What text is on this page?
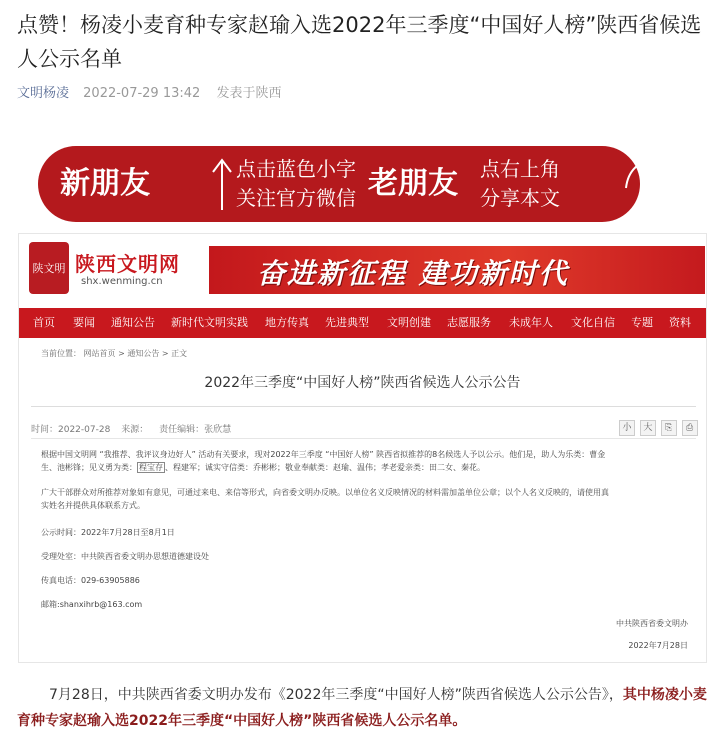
点赞！杨凌小麦育种专家赵瑜入选2022年三季度“中国好人榜”陕西省候选人公示名单
文明杨凌 2022-07-29 13:42 发表于陕西
新朋友	点击蓝色小字
关注官方微信 老朋友 点右上角
分享本文
陕文明 陕西文明网
shx.wenming.cn	奋进新征程 建功新时代
首页 要闻 通知公告 新时代文明实践 地方传真 先进典型 文明创建 志愿服务 未成年人 文化自信 专题 资料
当前位置： 网站首页 > 通知公告 > 正文
2022年三季度“中国好人榜”陕西省候选人公示公告
时间：2022-07-28 来源： 责任编辑：张欣慧	小 大 ⎘ ⎙
根据中国文明网 “我推荐、我评议身边好人” 活动有关要求，现对2022年三季度 “中国好人榜” 陕西省拟推荐的8名候选人予以公示。他们是，助人为乐类：曹金
生、池彬锋；见义勇为类： 程宝存 、程建军；诚实守信类：乔彬彬；敬业奉献类：赵瑜、温伟；孝老爱亲类：田二女、秦花。
广大干部群众对所推荐对象如有意见，可通过来电、来信等形式，向省委文明办反映。以单位名义反映情况的材料需加盖单位公章；以个人名义反映的，请使用真
实姓名并提供具体联系方式。
公示时间：2022年7月28日至8月1日
受理处室：中共陕西省委文明办思想道德建设处
传真电话：029-63905886
邮箱:shanxihrb@163.com
中共陕西省委文明办
2022年7月28日

7月28日，中共陕西省委文明办发布《2022年三季度“中国好人榜”陕西省候选人公示公告》，其中杨凌小麦育种专家赵瑜入选2022年三季度“中国好人榜”陕西省候选人公示名单。
